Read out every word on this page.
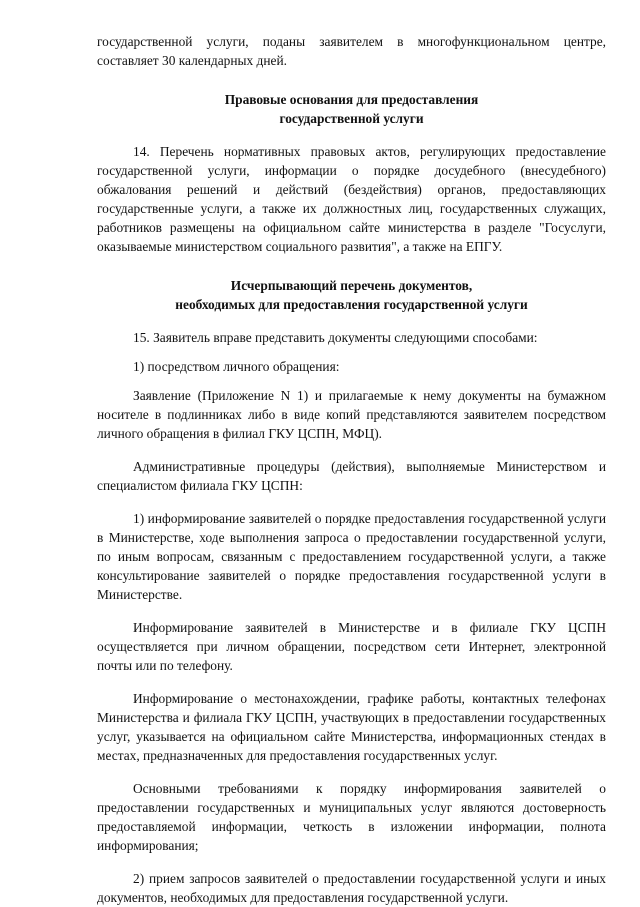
государственной услуги, поданы заявителем в многофункциональном центре, составляет 30 календарных дней.

Правовые основания для предоставления государственной услуги

14. Перечень нормативных правовых актов, регулирующих предоставление государственной услуги, информации о порядке досудебного (внесудебного) обжалования решений и действий (бездействия) органов, предоставляющих государственные услуги, а также их должностных лиц, государственных служащих, работников размещены на официальном сайте министерства в разделе "Госуслуги, оказываемые министерством социального развития", а также на ЕПГУ.

Исчерпывающий перечень документов,

необходимых для предоставления государственной услуги

15. Заявитель вправе представить документы следующими способами:

1) посредством личного обращения:

Заявление (Приложение N 1) и прилагаемые к нему документы на бумажном носителе в подлинниках либо в виде копий представляются заявителем посредством личного обращения в филиал ГКУ ЦСПН, МФЦ).

Административные процедуры (действия), выполняемые Министерством и специалистом филиала ГКУ ЦСПН:

1) информирование заявителей о порядке предоставления государственной услуги в Министерстве, ходе выполнения запроса о предоставлении государственной услуги, по иным вопросам, связанным с предоставлением государственной услуги, а также консультирование заявителей о порядке предоставления государственной услуги в Министерстве.

Информирование заявителей в Министерстве и в филиале ГКУ ЦСПН осуществляется при личном обращении, посредством сети Интернет, электронной почты или по телефону.

Информирование о местонахождении, графике работы, контактных телефонах Министерства и филиала ГКУ ЦСПН, участвующих в предоставлении государственных услуг, указывается на официальном сайте Министерства, информационных стендах в местах, предназначенных для предоставления государственных услуг.

Основными требованиями к порядку информирования заявителей о предоставлении государственных и муниципальных услуг являются достоверность предоставляемой информации, четкость в изложении информации, полнота информирования;

2) прием запросов заявителей о предоставлении государственной услуги и иных документов, необходимых для предоставления государственной услуги.
